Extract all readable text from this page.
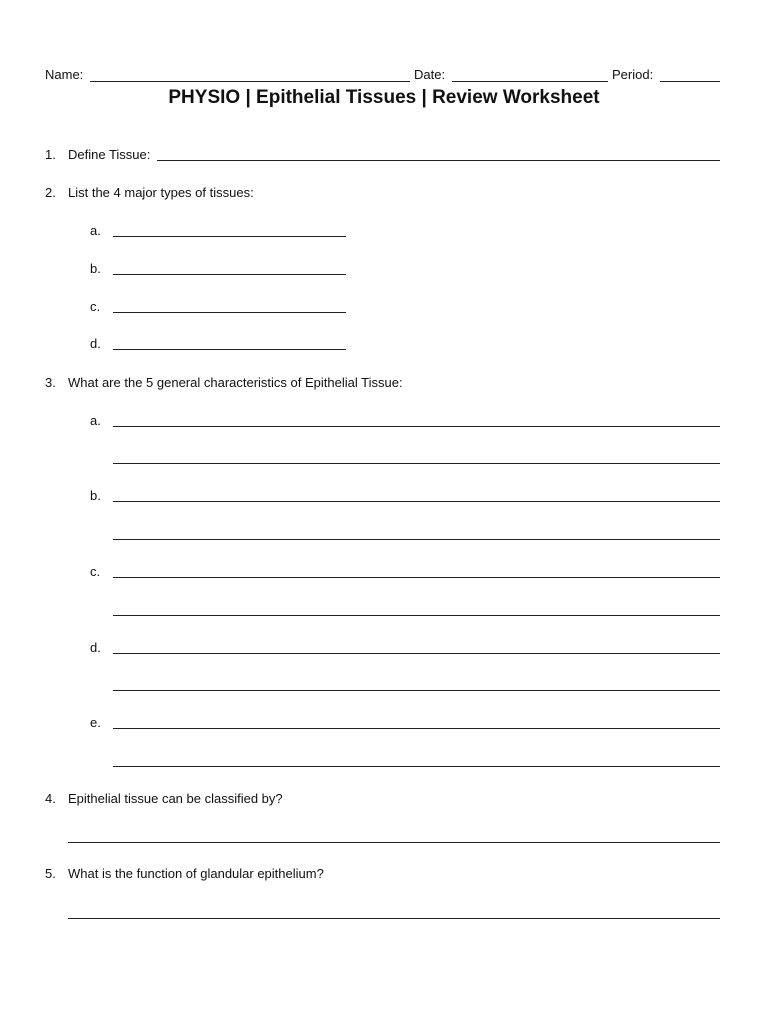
Name:	Date:	Period:
PHYSIO | Epithelial Tissues | Review Worksheet
1. Define Tissue:
2. List the 4 major types of tissues:
a.
b.
c.
d.
3. What are the 5 general characteristics of Epithelial Tissue:
a.
b.
c.
d.
e.
4. Epithelial tissue can be classified by?
5. What is the function of glandular epithelium?
